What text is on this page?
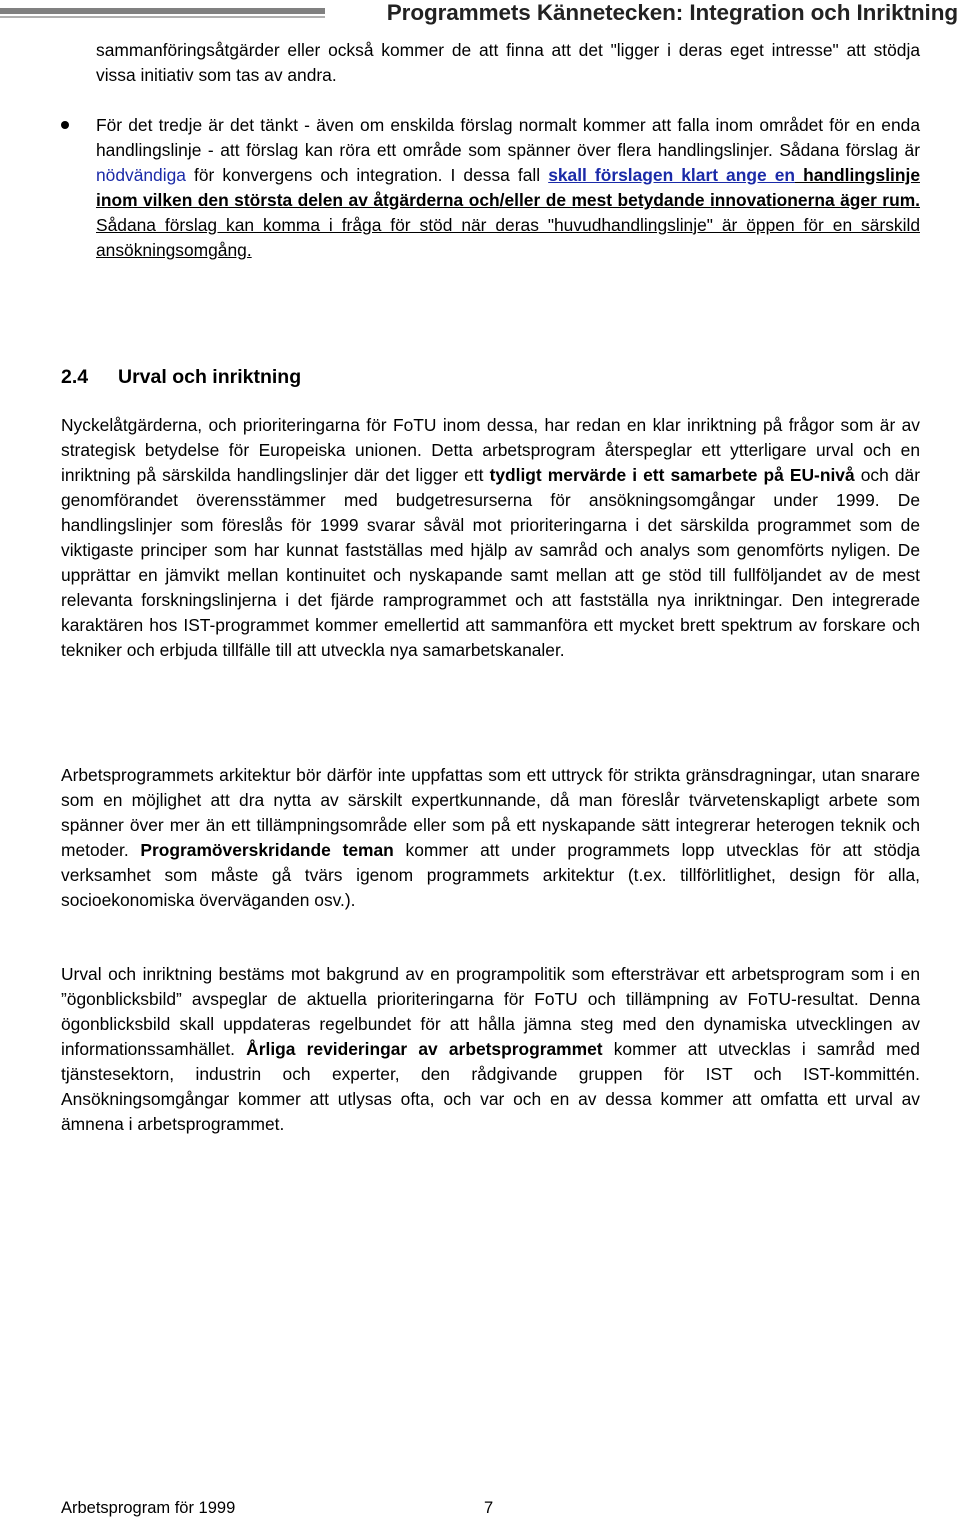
Programmets Kännetecken: Integration och Inriktning

sammanföringsåtgärder eller också kommer de att finna att det "ligger i deras eget intresse" att stödja vissa initiativ som tas av andra.

För det tredje är det tänkt - även om enskilda förslag normalt kommer att falla inom området för en enda handlingslinje - att förslag kan röra ett område som spänner över flera handlingslinjer. Sådana förslag är nödvändiga för konvergens och integration. I dessa fall skall förslagen klart ange en handlingslinje inom vilken den största delen av åtgärderna och/eller de mest betydande innovationerna äger rum. Sådana förslag kan komma i fråga för stöd när deras "huvudhandlingslinje" är öppen för en särskild ansökningsomgång.

2.4 Urval och inriktning

Nyckelåtgärderna, och prioriteringarna för FoTU inom dessa, har redan en klar inriktning på frågor som är av strategisk betydelse för Europeiska unionen. Detta arbetsprogram återspeglar ett ytterligare urval och en inriktning på särskilda handlingslinjer där det ligger ett tydligt mervärde i ett samarbete på EU-nivå och där genomförandet överensstämmer med budgetresurserna för ansökningsomgångar under 1999. De handlingslinjer som föreslås för 1999 svarar såväl mot prioriteringarna i det särskilda programmet som de viktigaste principer som har kunnat fastställas med hjälp av samråd och analys som genomförts nyligen. De upprättar en jämvikt mellan kontinuitet och nyskapande samt mellan att ge stöd till fullföljandet av de mest relevanta forskningslinjerna i det fjärde ramprogrammet och att fastställa nya inriktningar. Den integrerade karaktären hos IST-programmet kommer emellertid att sammanföra ett mycket brett spektrum av forskare och tekniker och erbjuda tillfälle till att utveckla nya samarbetskanaler.

Arbetsprogrammets arkitektur bör därför inte uppfattas som ett uttryck för strikta gränsdragningar, utan snarare som en möjlighet att dra nytta av särskilt expertkunnande, då man föreslår tvärvetenskapligt arbete som spänner över mer än ett tillämpningsområde eller som på ett nyskapande sätt integrerar heterogen teknik och metoder. Programöverskridande teman kommer att under programmets lopp utvecklas för att stödja verksamhet som måste gå tvärs igenom programmets arkitektur (t.ex. tillförlitlighet, design för alla, socioekonomiska överväganden osv.).

Urval och inriktning bestäms mot bakgrund av en programpolitik som eftersträvar ett arbetsprogram som i en ”ögonblicksbild” avspeglar de aktuella prioriteringarna för FoTU och tillämpning av FoTU-resultat. Denna ögonblicksbild skall uppdateras regelbundet för att hålla jämna steg med den dynamiska utvecklingen av informationssamhället. Årliga revideringar av arbetsprogrammet kommer att utvecklas i samråd med tjänstesektorn, industrin och experter, den rådgivande gruppen för IST och IST-kommittén. Ansökningsomgångar kommer att utlysas ofta, och var och en av dessa kommer att omfatta ett urval av ämnena i arbetsprogrammet.

Arbetsprogram för 1999	7
